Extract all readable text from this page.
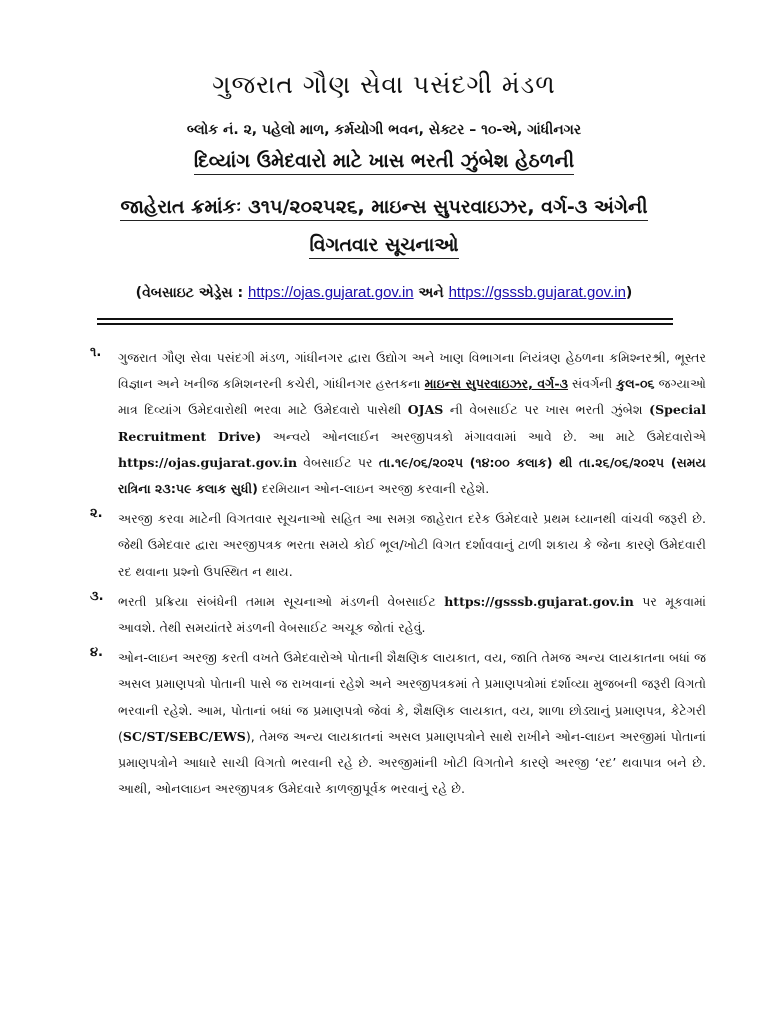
ગુજરાત ગૌણ સેવા પસંદગી મંડળ
બ્લોક નં. ૨, પહેલો માળ, કર્મયોગી ભવન, સેક્ટર – ૧૦-એ, ગાંધીનગર
દિવ્યાંગ ઉમેદવારો માટે ખાસ ભરતી ઝુંબેશ હેઠળની
જાહેરાત ક્રમાંકઃ ૩૧૫/૨૦૨૫૨૬, માઇન્સ સુપરવાઇઝર, વર્ગ-૩ અંગેની
વિગતવાર સૂચનાઓ
(વેબસાઇટ એડ્રેસ : https://ojas.gujarat.gov.in અને https://gsssb.gujarat.gov.in)
૧. ગુજરાત ગૌણ સેવા પસંદગી મંડળ, ગાંધીનગર દ્વારા ઉદ્યોગ અને ખાણ વિભાગના નિયંત્રણ હેઠળના કમિશ્નરશ્રી, ભૂસ્તર વિજ્ઞાન અને ખનીજ કમિશનરની કચેરી, ગાંધીનગર હસ્તકના માઇન્સ સુપરવાઇઝર, વર્ગ-૩ સંવર્ગની કુલ-૦૬ જગ્યાઓ માત્ર દિવ્યાંગ ઉમેદવારોથી ભરવા માટે ઉમેદવારો પાસેથી OJAS ની વેબસાઈટ પર ખાસ ભરતી ઝુંબેશ (Special Recruitment Drive) અન્વયે ઓનલાઈન અરજીપત્રકો મંગાવવામાં આવે છે. આ માટે ઉમેદવારોએ https://ojas.gujarat.gov.in વેબસાઈટ પર તા.૧૯/૦૬/૨૦૨૫ (૧૪:૦૦ કલાક) થી તા.૨૬/૦૬/૨૦૨૫ (સમય રાત્રિના ૨૩:૫૯ કલાક સુધી) દરમિયાન ઓન-લાઇન અરજી કરવાની રહેશે.
૨. અરજી કરવા માટેની વિગતવાર સૂચનાઓ સહિત આ સમગ્ર જાહેરાત દરેક ઉમેદવારે પ્રથમ ધ્યાનથી વાંચવી જરૂરી છે. જેથી ઉમેદવાર દ્વારા અરજીપત્રક ભરતા સમયે કોઈ ભૂલ/ખોટી વિગત દર્શાવવાનું ટાળી શકાય કે જેના કારણે ઉમેદવારી રદ થવાના પ્રશ્નો ઉપસ્થિત ન થાય.
૩. ભરતી પ્રક્રિયા સંબંધેની તમામ સૂચનાઓ મંડળની વેબસાઈટ https://gsssb.gujarat.gov.in પર મૂકવામાં આવશે. તેથી સમયાંતરે મંડળની વેબસાઈટ અચૂક જોતાં રહેવું.
૪. ઓન-લાઇન અરજી કરતી વખતે ઉમેદવારોએ પોતાની શૈક્ષણિક લાયકાત, વય, જાતિ તેમજ અન્ય લાયકાતના બધાં જ અસલ પ્રમાણપત્રો પોતાની પાસે જ રાખવાનાં રહેશે અને અરજીપત્રકમાં તે પ્રમાણપત્રોમાં દર્શાવ્યા મુજબની જરૂરી વિગતો ભરવાની રહેશે. આમ, પોતાનાં બધાં જ પ્રમાણપત્રો જેવાં કે, શૈક્ષણિક લાયકાત, વય, શાળા છોડ્યાનું પ્રમાણપત્ર, કેટેગરી (SC/ST/SEBC/EWS), તેમજ અન્ય લાયકાતનાં અસલ પ્રમાણપત્રોને સાથે રાખીને ઓન-લાઇન અરજીમાં પોતાનાં પ્રમાણપત્રોને આધારે સાચી વિગતો ભરવાની રહે છે. અરજીમાંની ખોટી વિગતોને કારણે અરજી ‘રદ’ થવાપાત્ર બને છે. આથી, ઓનલાઇન અરજીપત્રક ઉમેદવારે કાળજીપૂર્વક ભરવાનું રહે છે.
